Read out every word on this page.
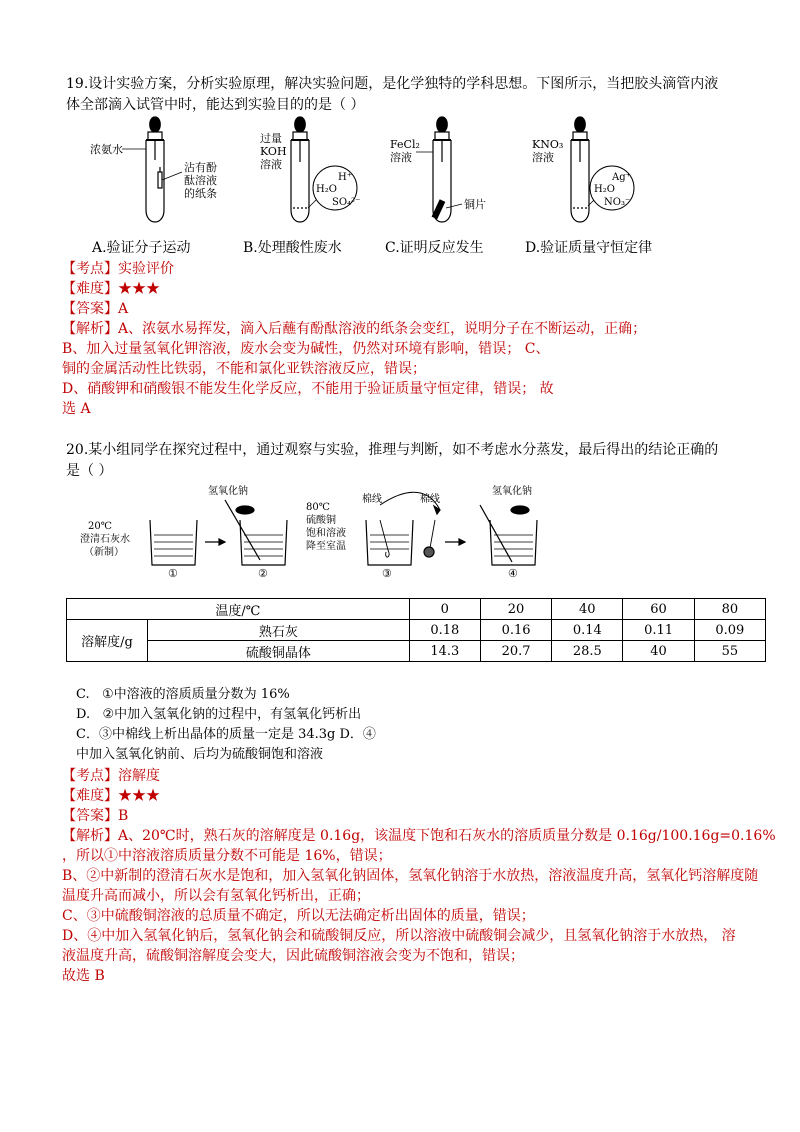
19.设计实验方案，分析实验原理，解决实验问题，是化学独特的学科思想。下图所示，当把胶头滴管内液
体全部滴入试管中时，能达到实验目的的是（ ）
浓氨水
沾有酚
酞溶液
的纸条
过量
KOH
溶液
H⁺
H₂O
SO₄²⁻
FeCl₂
溶液
铜片
KNO₃
溶液
Ag⁺
H₂O
NO₃⁻
A.验证分子运动	B.处理酸性废水	C.证明反应发生	D.验证质量守恒定律
【考点】实验评价
【难度】★★★
【答案】A
【解析】A、浓氨水易挥发，滴入后蘸有酚酞溶液的纸条会变红，说明分子在不断运动，正确；
B、加入过量氢氧化钾溶液，废水会变为碱性，仍然对环境有影响，错误； C、
铜的金属活动性比铁弱，不能和氯化亚铁溶液反应，错误；
D、硝酸钾和硝酸银不能发生化学反应，不能用于验证质量守恒定律，错误； 故
选 A
20.某小组同学在探究过程中，通过观察与实验，推理与判断，如不考虑水分蒸发，最后得出的结论正确的
是（ ）
20℃
澄清石灰水
（新制）
①
氢氧化钠
②
80℃
硫酸铜
饱和溶液
降至室温
棉线	棉线
③
氢氧化钠
④
温度/℃		0	20	40	60	80
溶解度/g	熟石灰	0.18	0.16	0.14	0.11	0.09
	硫酸铜晶体	14.3	20.7	28.5	40	55
C. ①中溶液的溶质质量分数为 16%
D. ②中加入氢氧化钠的过程中，有氢氧化钙析出
C．③中棉线上析出晶体的质量一定是 34.3g D．④
中加入氢氧化钠前、后均为硫酸铜饱和溶液
【考点】溶解度
【难度】★★★
【答案】B
【解析】A、20℃时，熟石灰的溶解度是 0.16g，该温度下饱和石灰水的溶质质量分数是 0.16g/100.16g=0.16%
，所以①中溶液溶质质量分数不可能是 16%，错误；
B、②中新制的澄清石灰水是饱和，加入氢氧化钠固体，氢氧化钠溶于水放热，溶液温度升高，氢氧化钙溶解度随
温度升高而减小，所以会有氢氧化钙析出，正确；
C、③中硫酸铜溶液的总质量不确定，所以无法确定析出固体的质量，错误；
D、④中加入氢氧化钠后，氢氧化钠会和硫酸铜反应，所以溶液中硫酸铜会减少，且氢氧化钠溶于水放热， 溶
液温度升高，硫酸铜溶解度会变大，因此硫酸铜溶液会变为不饱和，错误；
故选 B
